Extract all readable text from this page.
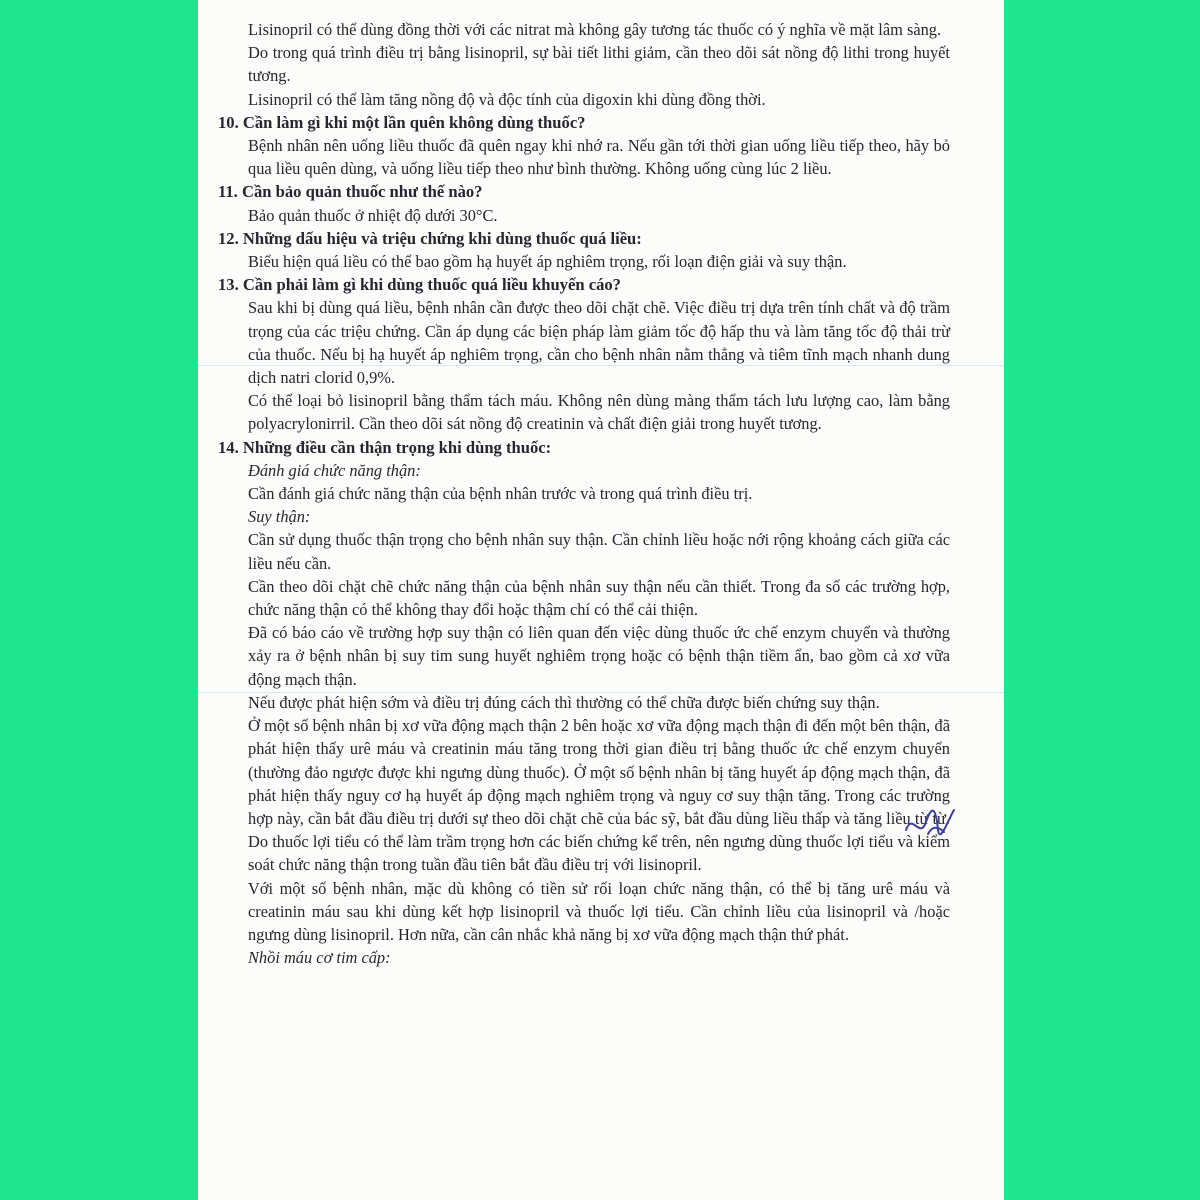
Lisinopril có thể dùng đồng thời với các nitrat mà không gây tương tác thuốc có ý nghĩa về mặt lâm sàng.

Do trong quá trình điều trị bằng lisinopril, sự bài tiết lithi giảm, cần theo dõi sát nồng độ lithi trong huyết tương.

Lisinopril có thể làm tăng nồng độ và độc tính của digoxin khi dùng đồng thời.

10. Cần làm gì khi một lần quên không dùng thuốc?

Bệnh nhân nên uống liều thuốc đã quên ngay khi nhớ ra. Nếu gần tới thời gian uống liều tiếp theo, hãy bỏ qua liều quên dùng, và uống liều tiếp theo như bình thường. Không uống cùng lúc 2 liều.

11. Cần bảo quản thuốc như thế nào?

Bảo quản thuốc ở nhiệt độ dưới 30°C.

12. Những dấu hiệu và triệu chứng khi dùng thuốc quá liều:

Biểu hiện quá liều có thể bao gồm hạ huyết áp nghiêm trọng, rối loạn điện giải và suy thận.

13. Cần phải làm gì khi dùng thuốc quá liều khuyến cáo?

Sau khi bị dùng quá liều, bệnh nhân cần được theo dõi chặt chẽ. Việc điều trị dựa trên tính chất và độ trầm trọng của các triệu chứng. Cần áp dụng các biện pháp làm giảm tốc độ hấp thu và làm tăng tốc độ thải trừ của thuốc. Nếu bị hạ huyết áp nghiêm trọng, cần cho bệnh nhân nằm thẳng và tiêm tĩnh mạch nhanh dung dịch natri clorid 0,9%.

Có thể loại bỏ lisinopril bằng thẩm tách máu. Không nên dùng màng thẩm tách lưu lượng cao, làm bằng polyacrylonirril. Cần theo dõi sát nồng độ creatinin và chất điện giải trong huyết tương.

14. Những điều cần thận trọng khi dùng thuốc:

Đánh giá chức năng thận:

Cần đánh giá chức năng thận của bệnh nhân trước và trong quá trình điều trị.

Suy thận:

Cần sử dụng thuốc thận trọng cho bệnh nhân suy thận. Cần chỉnh liều hoặc nới rộng khoảng cách giữa các liều nếu cần.

Cần theo dõi chặt chẽ chức năng thận của bệnh nhân suy thận nếu cần thiết. Trong đa số các trường hợp, chức năng thận có thể không thay đổi hoặc thậm chí có thể cải thiện.

Đã có báo cáo về trường hợp suy thận có liên quan đến việc dùng thuốc ức chế enzym chuyển và thường xảy ra ở bệnh nhân bị suy tim sung huyết nghiêm trọng hoặc có bệnh thận tiềm ẩn, bao gồm cả xơ vữa động mạch thận.

Nếu được phát hiện sớm và điều trị đúng cách thì thường có thể chữa được biến chứng suy thận.

Ở một số bệnh nhân bị xơ vữa động mạch thận 2 bên hoặc xơ vữa động mạch thận đi đến một bên thận, đã phát hiện thấy urê máu và creatinin máu tăng trong thời gian điều trị bằng thuốc ức chế enzym chuyển (thường đảo ngược được khi ngưng dùng thuốc). Ở một số bệnh nhân bị tăng huyết áp động mạch thận, đã phát hiện thấy nguy cơ hạ huyết áp động mạch nghiêm trọng và nguy cơ suy thận tăng. Trong các trường hợp này, cần bắt đầu điều trị dưới sự theo dõi chặt chẽ của bác sỹ, bắt đầu dùng liều thấp và tăng liều từ từ. Do thuốc lợi tiểu có thể làm trầm trọng hơn các biến chứng kể trên, nên ngưng dùng thuốc lợi tiểu và kiểm soát chức năng thận trong tuần đầu tiên bắt đầu điều trị với lisinopril.

Với một số bệnh nhân, mặc dù không có tiền sử rối loạn chức năng thận, có thể bị tăng urê máu và creatinin máu sau khi dùng kết hợp lisinopril và thuốc lợi tiểu. Cần chỉnh liều của lisinopril và /hoặc ngưng dùng lisinopril. Hơn nữa, cần cân nhắc khả năng bị xơ vữa động mạch thận thứ phát.

Nhồi máu cơ tim cấp:
